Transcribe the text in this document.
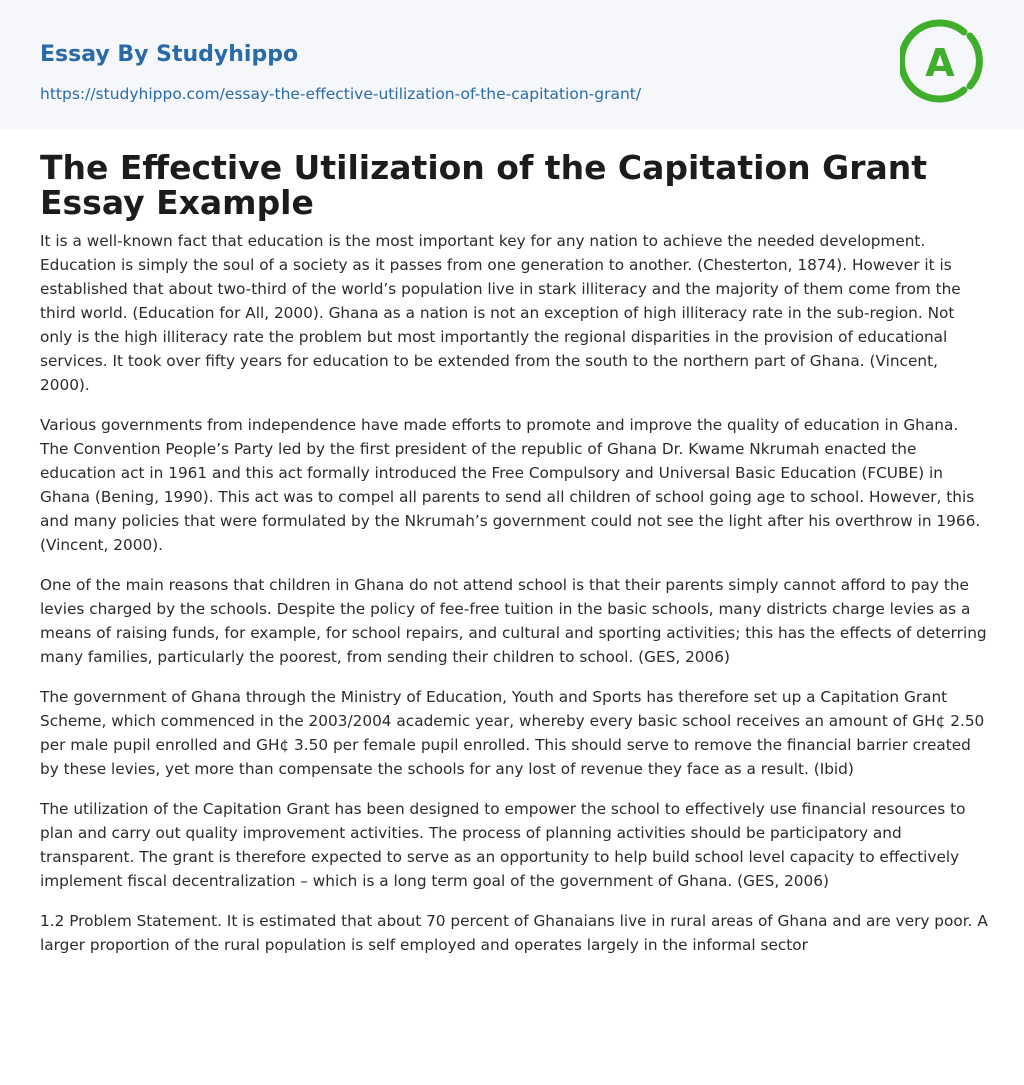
Essay By Studyhippo
https://studyhippo.com/essay-the-effective-utilization-of-the-capitation-grant/
A
The Effective Utilization of the Capitation Grant Essay Example

It is a well-known fact that education is the most important key for any nation to achieve the needed development. Education is simply the soul of a society as it passes from one generation to another. (Chesterton, 1874). However it is established that about two-third of the world’s population live in stark illiteracy and the majority of them come from the third world. (Education for All, 2000). Ghana as a nation is not an exception of high illiteracy rate in the sub-region. Not only is the high illiteracy rate the problem but most importantly the regional disparities in the provision of educational services. It took over fifty years for education to be extended from the south to the northern part of Ghana. (Vincent, 2000).

Various governments from independence have made efforts to promote and improve the quality of education in Ghana. The Convention People’s Party led by the first president of the republic of Ghana Dr. Kwame Nkrumah enacted the education act in 1961 and this act formally introduced the Free Compulsory and Universal Basic Education (FCUBE) in Ghana (Bening, 1990). This act was to compel all parents to send all children of school going age to school. However, this and many policies that were formulated by the Nkrumah’s government could not see the light after his overthrow in 1966. (Vincent, 2000).

One of the main reasons that children in Ghana do not attend school is that their parents simply cannot afford to pay the levies charged by the schools. Despite the policy of fee-free tuition in the basic schools, many districts charge levies as a means of raising funds, for example, for school repairs, and cultural and sporting activities; this has the effects of deterring many families, particularly the poorest, from sending their children to school. (GES, 2006)

The government of Ghana through the Ministry of Education, Youth and Sports has therefore set up a Capitation Grant Scheme, which commenced in the 2003/2004 academic year, whereby every basic school receives an amount of GH¢ 2.50 per male pupil enrolled and GH¢ 3.50 per female pupil enrolled. This should serve to remove the financial barrier created by these levies, yet more than compensate the schools for any lost of revenue they face as a result. (Ibid)

The utilization of the Capitation Grant has been designed to empower the school to effectively use financial resources to plan and carry out quality improvement activities. The process of planning activities should be participatory and transparent. The grant is therefore expected to serve as an opportunity to help build school level capacity to effectively implement fiscal decentralization – which is a long term goal of the government of Ghana. (GES, 2006)

1.2 Problem Statement. It is estimated that about 70 percent of Ghanaians live in rural areas of Ghana and are very poor. A larger proportion of the rural population is self employed and operates largely in the informal sector
